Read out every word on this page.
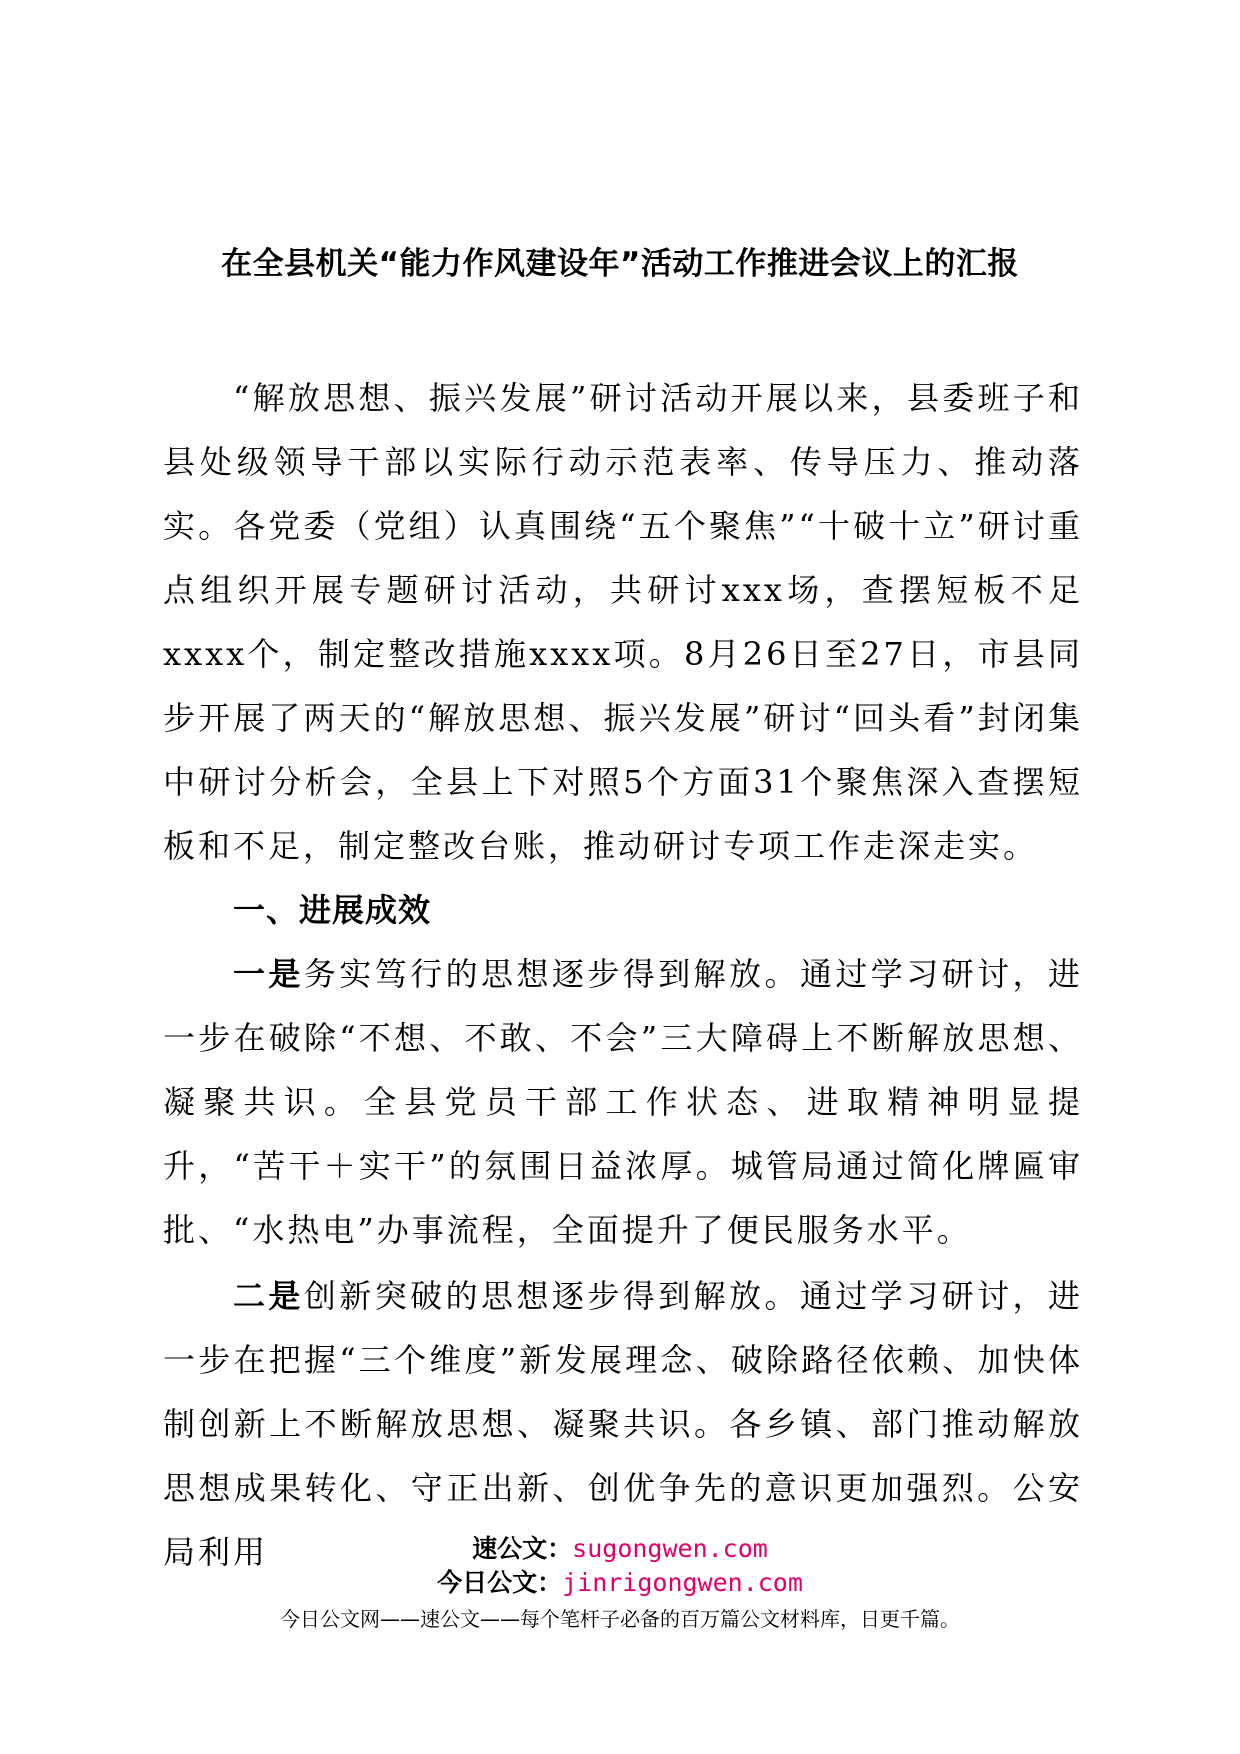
在全县机关“能力作风建设年”活动工作推进会议上的汇报

“解放思想、振兴发展”研讨活动开展以来，县委班子和县处级领导干部以实际行动示范表率、传导压力、推动落实。各党委（党组）认真围绕“五个聚焦”“十破十立”研讨重点组织开展专题研讨活动，共研讨xxx场，查摆短板不足xxxx个，制定整改措施xxxx项。8月26日至27日，市县同步开展了两天的“解放思想、振兴发展”研讨“回头看”封闭集中研讨分析会，全县上下对照5个方面31个聚焦深入查摆短板和不足，制定整改台账，推动研讨专项工作走深走实。

一、进展成效

一是务实笃行的思想逐步得到解放。通过学习研讨，进一步在破除“不想、不敢、不会”三大障碍上不断解放思想、凝聚共识。全县党员干部工作状态、进取精神明显提升，“苦干＋实干”的氛围日益浓厚。城管局通过简化牌匾审批、“水热电”办事流程，全面提升了便民服务水平。

二是创新突破的思想逐步得到解放。通过学习研讨，进一步在把握“三个维度”新发展理念、破除路径依赖、加快体制创新上不断解放思想、凝聚共识。各乡镇、部门推动解放思想成果转化、守正出新、创优争先的意识更加强烈。公安局利用	速公文：sugongwen.com
今日公文：jinrigongwen.com
今日公文网——速公文——每个笔杆子必备的百万篇公文材料库，日更千篇。
